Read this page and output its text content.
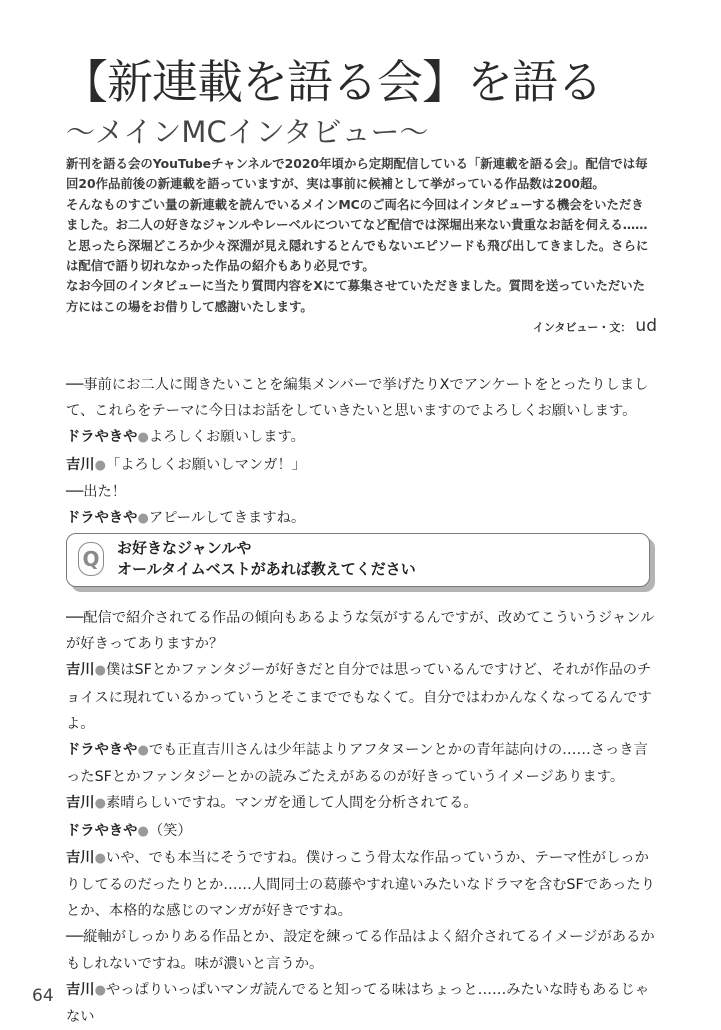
【新連載を語る会】を語る
〜メインMCインタビュー〜

新刊を語る会のYouTubeチャンネルで2020年頃から定期配信している「新連載を語る会」。配信では毎回20作品前後の新連載を語っていますが、実は事前に候補として挙がっている作品数は200超。

そんなものすごい量の新連載を読んでいるメインMCのご両名に今回はインタビューする機会をいただきました。お二人の好きなジャンルやレーベルについてなど配信では深堀出来ない貴重なお話を伺える……と思ったら深堀どころか少々深淵が見え隠れするとんでもないエピソードも飛び出してきました。さらには配信で語り切れなかった作品の紹介もあり必見です。

なお今回のインタビューに当たり質問内容をXにて募集させていただきました。質問を送っていただいた方にはこの場をお借りして感謝いたします。

インタビュー・文： ud

──事前にお二人に聞きたいことを編集メンバーで挙げたりXでアンケートをとったりしまして、これらをテーマに今日はお話をしていきたいと思いますのでよろしくお願いします。

ドラやきや●よろしくお願いします。

吉川●「よろしくお願いしマンガ！」

──出た！

ドラやきや●アピールしてきますね。

Q	お好きなジャンルや
オールタイムベストがあれば教えてください

──配信で紹介されてる作品の傾向もあるような気がするんですが、改めてこういうジャンルが好きってありますか？

吉川●僕はSFとかファンタジーが好きだと自分では思っているんですけど、それが作品のチョイスに現れているかっていうとそこまででもなくて。自分ではわかんなくなってるんですよ。

ドラやきや●でも正直吉川さんは少年誌よりアフタヌーンとかの青年誌向けの……さっき言ったSFとかファンタジーとかの読みごたえがあるのが好きっていうイメージあります。

吉川●素晴らしいですね。マンガを通して人間を分析されてる。

ドラやきや●（笑）

吉川●いや、でも本当にそうですね。僕けっこう骨太な作品っていうか、テーマ性がしっかりしてるのだったりとか……人間同士の葛藤やすれ違いみたいなドラマを含むSFであったりとか、本格的な感じのマンガが好きですね。

──縦軸がしっかりある作品とか、設定を練ってる作品はよく紹介されてるイメージがあるかもしれないですね。味が濃いと言うか。

吉川●やっぱりいっぱいマンガ読んでると知ってる味はちょっと……みたいな時もあるじゃない

64
